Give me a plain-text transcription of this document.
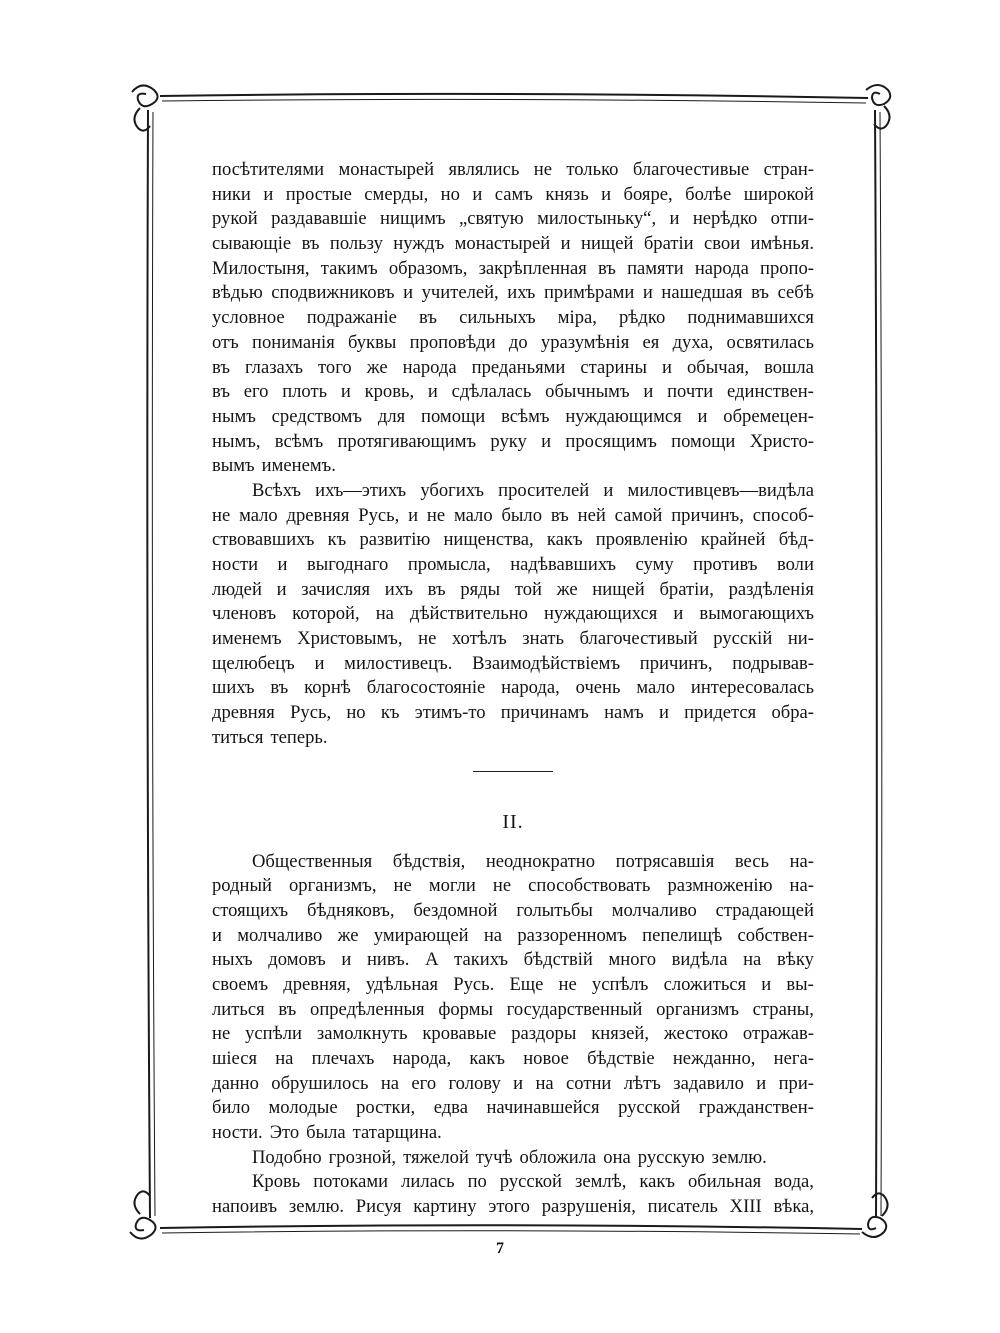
посѣтителями монастырей являлись не только благочестивые стран-
ники и простые смерды, но и самъ князь и бояре, болѣе широкой
рукой раздававшіе нищимъ „святую милостыньку“, и нерѣдко отпи-
сывающіе въ пользу нуждъ монастырей и нищей братіи свои имѣнья.
Милостыня, такимъ образомъ, закрѣпленная въ памяти народа пропо-
вѣдью сподвижниковъ и учителей, ихъ примѣрами и нашедшая въ себѣ
условное подражаніе въ сильныхъ міра, рѣдко поднимавшихся
отъ пониманія буквы проповѣди до уразумѣнія ея духа, освятилась
въ глазахъ того же народа преданьями старины и обычая, вошла
въ его плоть и кровь, и сдѣлалась обычнымъ и почти единствен-
нымъ средствомъ для помощи всѣмъ нуждающимся и обремецен-
нымъ, всѣмъ протягивающимъ руку и просящимъ помощи Христо-
вымъ именемъ.
Всѣхъ ихъ—этихъ убогихъ просителей и милостивцевъ—видѣла
не мало древняя Русь, и не мало было въ ней самой причинъ, способ-
ствовавшихъ къ развитію нищенства, какъ проявленію крайней бѣд-
ности и выгоднаго промысла, надѣвавшихъ суму противъ воли
людей и зачисляя ихъ въ ряды той же нищей братіи, раздѣленія
членовъ которой, на дѣйствительно нуждающихся и вымогающихъ
именемъ Христовымъ, не хотѣлъ знать благочестивый русскій ни-
щелюбецъ и милостивецъ. Взаимодѣйствіемъ причинъ, подрывав-
шихъ въ корнѣ благосостояніе народа, очень мало интересовалась
древняя Русь, но къ этимъ-то причинамъ намъ и придется обра-
титься теперь.
II.
Общественныя бѣдствія, неоднократно потрясавшія весь на-
родный организмъ, не могли не способствовать размноженію на-
стоящихъ бѣдняковъ, бездомной голытьбы молчаливо страдающей
и молчаливо же умирающей на раззоренномъ пепелищѣ собствен-
ныхъ домовъ и нивъ. А такихъ бѣдствій много видѣла на вѣку
своемъ древняя, удѣльная Русь. Еще не успѣлъ сложиться и вы-
литься въ опредѣленныя формы государственный организмъ страны,
не успѣли замолкнуть кровавые раздоры князей, жестоко отражав-
шіеся на плечахъ народа, какъ новое бѣдствіе нежданно, нега-
данно обрушилось на его голову и на сотни лѣтъ задавило и при-
било молодые ростки, едва начинавшейся русской гражданствен-
ности. Это была татарщина.
Подобно грозной, тяжелой тучѣ обложила она русскую землю.
Кровь потоками лилась по русской землѣ, какъ обильная вода,
напоивъ землю. Рисуя картину этого разрушенія, писатель XIII вѣка,
7
